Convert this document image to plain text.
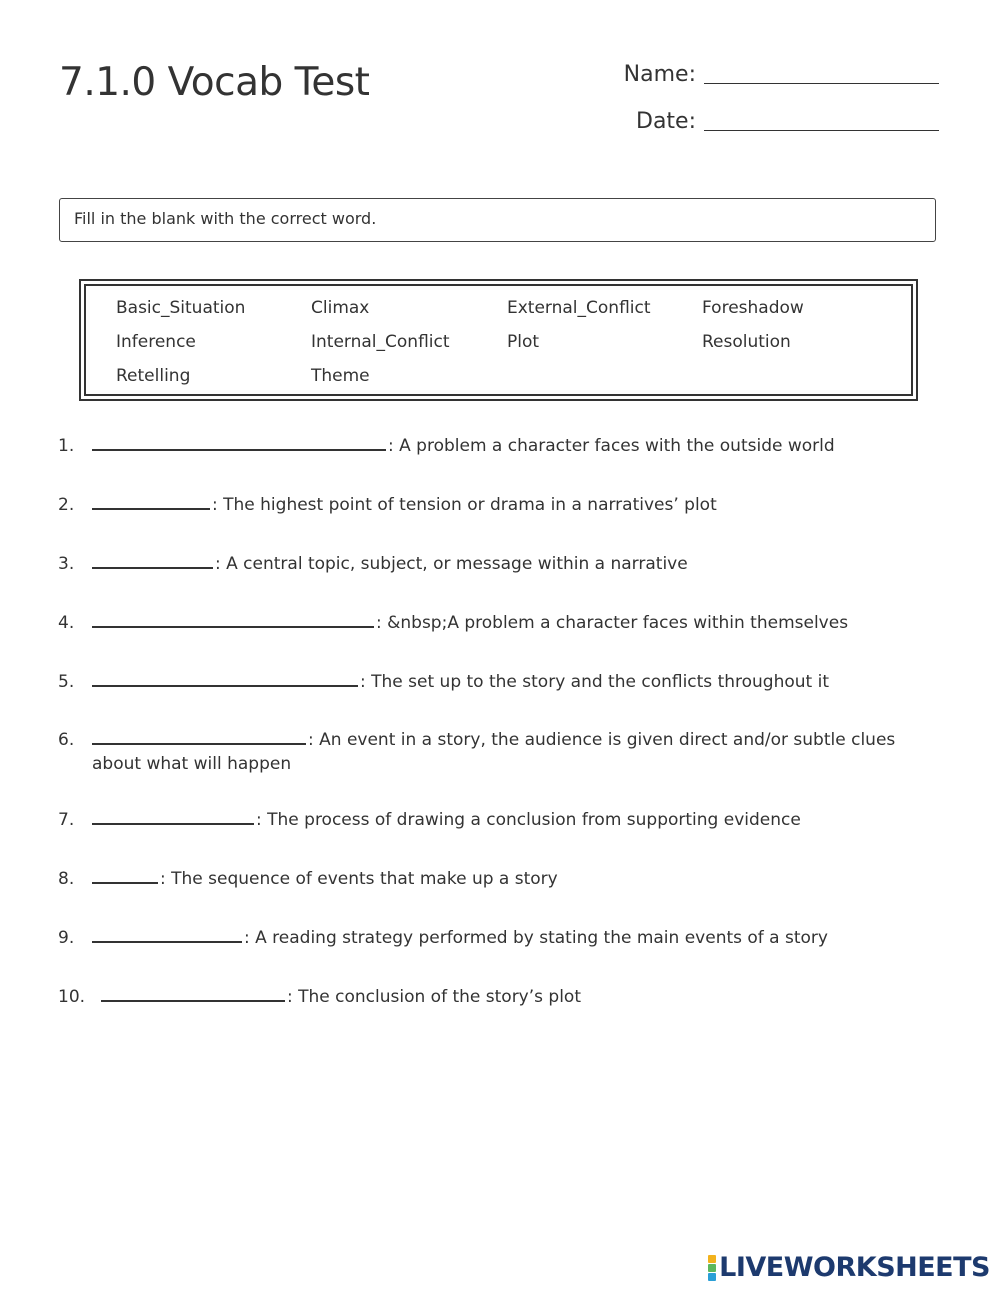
7.1.0 Vocab Test	Name:
Date:
Fill in the blank with the correct word.
Basic_Situation	Climax	External_Conflict	Foreshadow
Inference	Internal_Conflict	Plot	Resolution
Retelling	Theme
1.	: A problem a character faces with the outside world
2.	: The highest point of tension or drama in a narratives’ plot
3.	: A central topic, subject, or message within a narrative
4.	: &nbsp;A problem a character faces within themselves
5.	: The set up to the story and the conflicts throughout it
6.	: An event in a story, the audience is given direct and/or subtle clues about what will happen
7.	: The process of drawing a conclusion from supporting evidence
8.	: The sequence of events that make up a story
9.	: A reading strategy performed by stating the main events of a story
10.	: The conclusion of the story’s plot
LIVEWORKSHEETS
